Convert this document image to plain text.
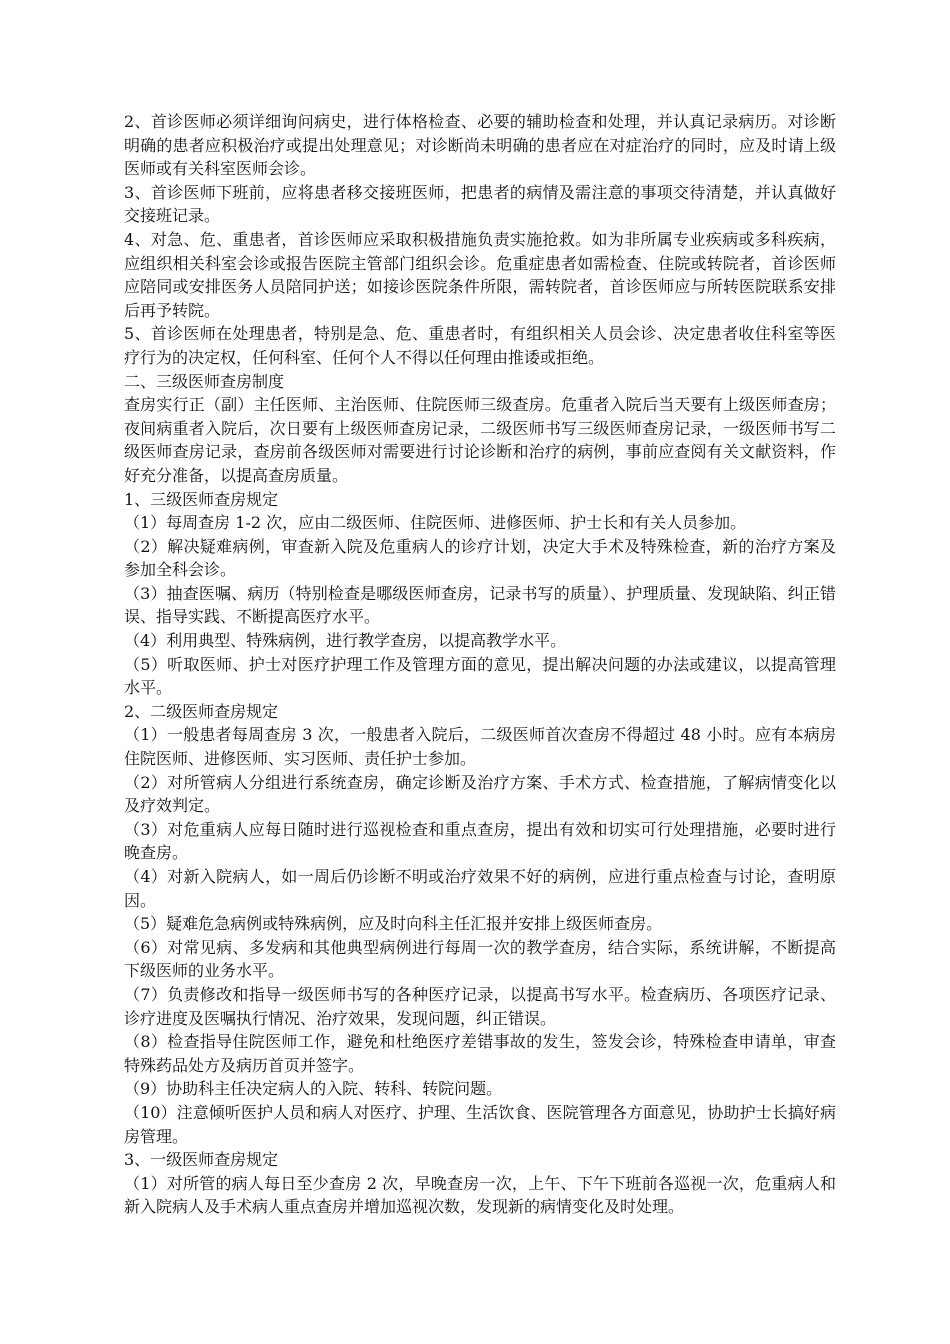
2、首诊医师必须详细询问病史，进行体格检查、必要的辅助检查和处理，并认真记录病历。对诊断明确的患者应积极治疗或提出处理意见；对诊断尚未明确的患者应在对症治疗的同时，应及时请上级医师或有关科室医师会诊。

3、首诊医师下班前，应将患者移交接班医师，把患者的病情及需注意的事项交待清楚，并认真做好交接班记录。

4、对急、危、重患者，首诊医师应采取积极措施负责实施抢救。如为非所属专业疾病或多科疾病，应组织相关科室会诊或报告医院主管部门组织会诊。危重症患者如需检查、住院或转院者，首诊医师应陪同或安排医务人员陪同护送；如接诊医院条件所限，需转院者，首诊医师应与所转医院联系安排后再予转院。

5、首诊医师在处理患者，特别是急、危、重患者时，有组织相关人员会诊、决定患者收住科室等医疗行为的决定权，任何科室、任何个人不得以任何理由推诿或拒绝。

二、三级医师查房制度

查房实行正（副）主任医师、主治医师、住院医师三级查房。危重者入院后当天要有上级医师查房；夜间病重者入院后，次日要有上级医师查房记录，二级医师书写三级医师查房记录，一级医师书写二级医师查房记录，查房前各级医师对需要进行讨论诊断和治疗的病例，事前应查阅有关文献资料，作好充分准备，以提高查房质量。

1、三级医师查房规定

（1）每周查房 1-2 次，应由二级医师、住院医师、进修医师、护士长和有关人员参加。

（2）解决疑难病例，审查新入院及危重病人的诊疗计划，决定大手术及特殊检查，新的治疗方案及参加全科会诊。

（3）抽查医嘱、病历（特别检查是哪级医师查房，记录书写的质量）、护理质量、发现缺陷、纠正错误、指导实践、不断提高医疗水平。

（4）利用典型、特殊病例，进行教学查房，以提高教学水平。

（5）听取医师、护士对医疗护理工作及管理方面的意见，提出解决问题的办法或建议，以提高管理水平。

2、二级医师查房规定

（1）一般患者每周查房 3 次，一般患者入院后，二级医师首次查房不得超过 48 小时。应有本病房住院医师、进修医师、实习医师、责任护士参加。

（2）对所管病人分组进行系统查房，确定诊断及治疗方案、手术方式、检查措施，了解病情变化以及疗效判定。

（3）对危重病人应每日随时进行巡视检查和重点查房，提出有效和切实可行处理措施，必要时进行晚查房。

（4）对新入院病人，如一周后仍诊断不明或治疗效果不好的病例，应进行重点检查与讨论，查明原因。

（5）疑难危急病例或特殊病例，应及时向科主任汇报并安排上级医师查房。

（6）对常见病、多发病和其他典型病例进行每周一次的教学查房，结合实际，系统讲解，不断提高下级医师的业务水平。

（7）负责修改和指导一级医师书写的各种医疗记录，以提高书写水平。检查病历、各项医疗记录、诊疗进度及医嘱执行情况、治疗效果，发现问题，纠正错误。

（8）检查指导住院医师工作，避免和杜绝医疗差错事故的发生，签发会诊，特殊检查申请单，审查特殊药品处方及病历首页并签字。

（9）协助科主任决定病人的入院、转科、转院问题。

（10）注意倾听医护人员和病人对医疗、护理、生活饮食、医院管理各方面意见，协助护士长搞好病房管理。

3、一级医师查房规定

（1）对所管的病人每日至少查房 2 次，早晚查房一次，上午、下午下班前各巡视一次，危重病人和新入院病人及手术病人重点查房并增加巡视次数，发现新的病情变化及时处理。
